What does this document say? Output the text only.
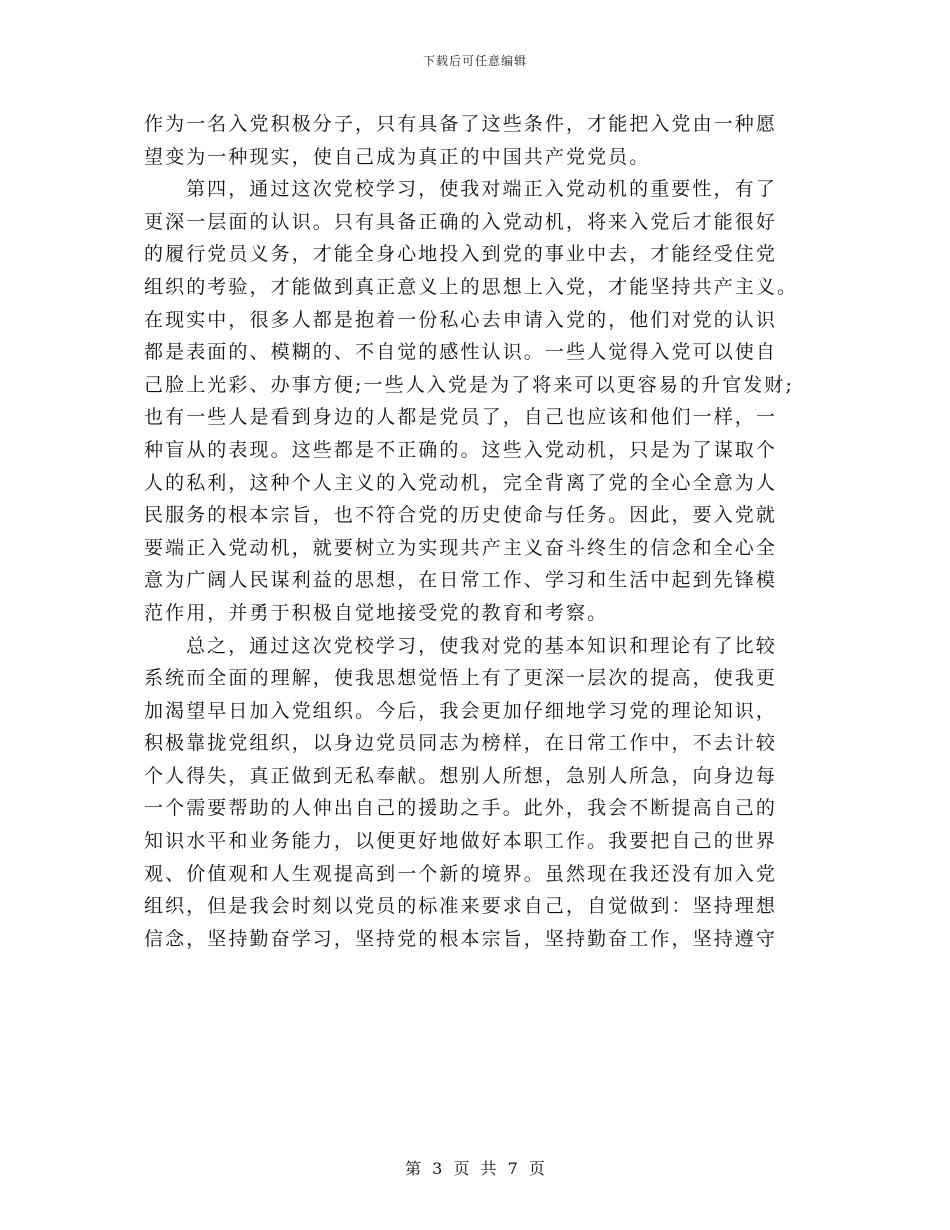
下载后可任意编辑
作为一名入党积极分子，只有具备了这些条件，才能把入党由一种愿
望变为一种现实，使自己成为真正的中国共产党党员。
第四，通过这次党校学习，使我对端正入党动机的重要性，有了
更深一层面的认识。只有具备正确的入党动机，将来入党后才能很好
的履行党员义务，才能全身心地投入到党的事业中去，才能经受住党
组织的考验，才能做到真正意义上的思想上入党，才能坚持共产主义。
在现实中，很多人都是抱着一份私心去申请入党的，他们对党的认识
都是表面的、模糊的、不自觉的感性认识。一些人觉得入党可以使自
己脸上光彩、办事方便;一些人入党是为了将来可以更容易的升官发财;
也有一些人是看到身边的人都是党员了，自己也应该和他们一样，一
种盲从的表现。这些都是不正确的。这些入党动机，只是为了谋取个
人的私利，这种个人主义的入党动机，完全背离了党的全心全意为人
民服务的根本宗旨，也不符合党的历史使命与任务。因此，要入党就
要端正入党动机，就要树立为实现共产主义奋斗终生的信念和全心全
意为广阔人民谋利益的思想，在日常工作、学习和生活中起到先锋模
范作用，并勇于积极自觉地接受党的教育和考察。
总之，通过这次党校学习，使我对党的基本知识和理论有了比较
系统而全面的理解，使我思想觉悟上有了更深一层次的提高，使我更
加渴望早日加入党组织。今后，我会更加仔细地学习党的理论知识，
积极靠拢党组织，以身边党员同志为榜样，在日常工作中，不去计较
个人得失，真正做到无私奉献。想别人所想，急别人所急，向身边每
一个需要帮助的人伸出自己的援助之手。此外，我会不断提高自己的
知识水平和业务能力，以便更好地做好本职工作。我要把自己的世界
观、价值观和人生观提高到一个新的境界。虽然现在我还没有加入党
组织，但是我会时刻以党员的标准来要求自己，自觉做到：坚持理想
信念，坚持勤奋学习，坚持党的根本宗旨，坚持勤奋工作，坚持遵守
第 3 页 共 7 页
